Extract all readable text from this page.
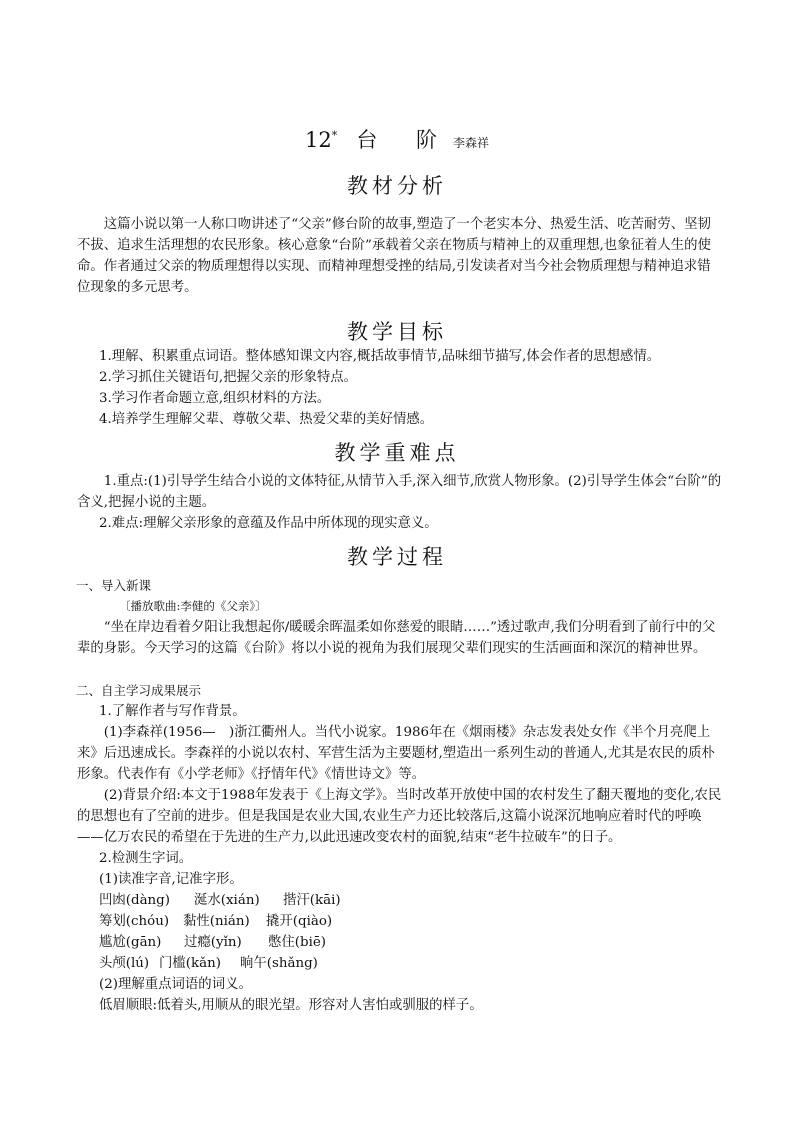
12* 台 阶李森祥
教材分析

这篇小说以第一人称口吻讲述了“父亲”修台阶的故事,塑造了一个老实本分、热爱生活、吃苦耐劳、坚韧不拔、追求生活理想的农民形象。核心意象“台阶”承载着父亲在物质与精神上的双重理想,也象征着人生的使命。作者通过父亲的物质理想得以实现、而精神理想受挫的结局,引发读者对当今社会物质理想与精神追求错位现象的多元思考。

教学目标

1.理解、积累重点词语。整体感知课文内容,概括故事情节,品味细节描写,体会作者的思想感情。

2.学习抓住关键语句,把握父亲的形象特点。

3.学习作者命题立意,组织材料的方法。

4.培养学生理解父辈、尊敬父辈、热爱父辈的美好情感。

教学重难点

1.重点:(1)引导学生结合小说的文体特征,从情节入手,深入细节,欣赏人物形象。(2)引导学生体会“台阶”的含义,把握小说的主题。

2.难点:理解父亲形象的意蕴及作品中所体现的现实意义。

教学过程

一、导入新课

〔播放歌曲:李健的《父亲》〕

“坐在岸边看着夕阳让我想起你/暖暖余晖温柔如你慈爱的眼睛……”透过歌声,我们分明看到了前行中的父辈的身影。今天学习的这篇《台阶》将以小说的视角为我们展现父辈们现实的生活画面和深沉的精神世界。

二、自主学习成果展示

1.了解作者与写作背景。

(1)李森祥(1956—　)浙江衢州人。当代小说家。1986年在《烟雨楼》杂志发表处女作《半个月亮爬上来》后迅速成长。李森祥的小说以农村、军营生活为主要题材,塑造出一系列生动的普通人,尤其是农民的质朴形象。代表作有《小学老师》《抒情年代》《情世诗文》等。

(2)背景介绍:本文于1988年发表于《上海文学》。当时改革开放使中国的农村发生了翻天覆地的变化,农民的思想也有了空前的进步。但是我国是农业大国,农业生产力还比较落后,这篇小说深沉地响应着时代的呼唤——亿万农民的希望在于先进的生产力,以此迅速改变农村的面貌,结束“老牛拉破车”的日子。

2.检测生字词。

(1)读准字音,记准字形。

凹凼(dàng) 涎水(xián) 揩汗(kāi)
筹划(chóu) 黏性(nián) 撬开(qiào)
尴尬(gān) 过瘾(yǐn) 憋住(biē)
头颅(lú) 门槛(kǎn) 晌午(shǎng)

(2)理解重点词语的词义。

低眉顺眼:低着头,用顺从的眼光望。形容对人害怕或驯服的样子。
